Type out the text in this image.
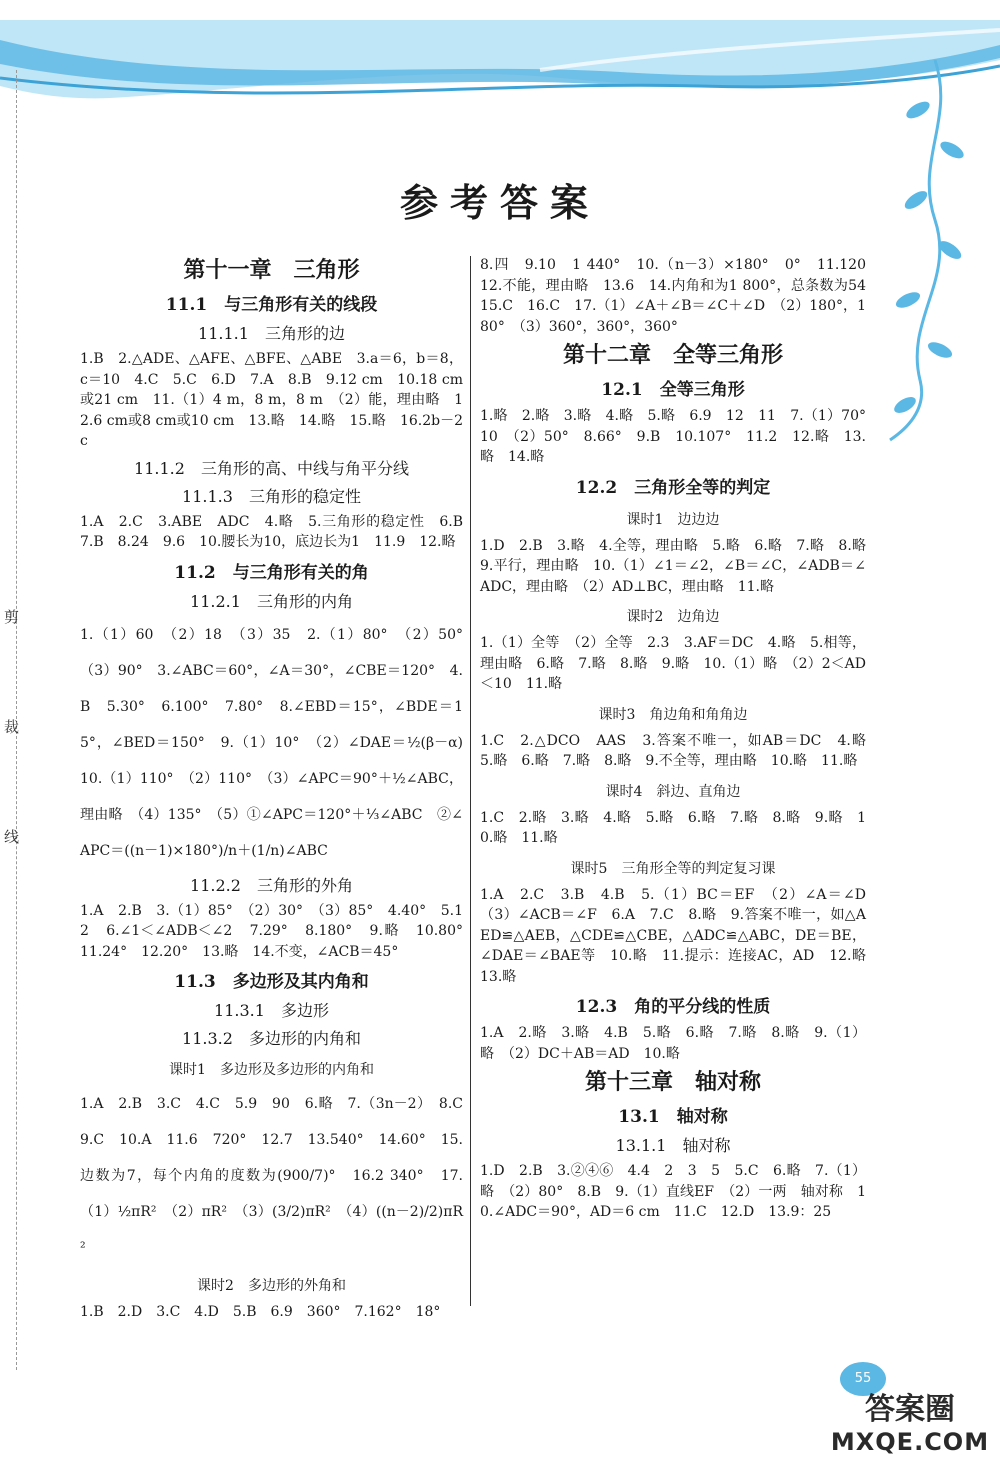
剪
裁
线
参考答案
第十一章　三角形
11.1　与三角形有关的线段
11.1.1　三角形的边

1.B　2.△ADE、△AFE、△BFE、△ABE　3.a＝6，b＝8，c＝10　4.C　5.C　6.D　7.A　8.B　9.12 cm　10.18 cm或21 cm　11.（1）4 m，8 m，8 m　（2）能，理由略　12.6 cm或8 cm或10 cm　13.略　14.略　15.略　16.2b－2c

11.1.2　三角形的高、中线与角平分线
11.1.3　三角形的稳定性

1.A　2.C　3.ABE　ADC　4.略　5.三角形的稳定性　6.B　7.B　8.24　9.6　10.腰长为10，底边长为1　11.9　12.略

11.2　与三角形有关的角
11.2.1　三角形的内角

1.（1）60　（2）18　（3）35　2.（1）80°　（2）50°　（3）90°　3.∠ABC＝60°，∠A＝30°，∠CBE＝120°　4.B　5.30°　6.100°　7.80°　8.∠EBD＝15°，∠BDE＝15°，∠BED＝150°　9.（1）10°　（2）∠DAE＝½(β－α)　10.（1）110°　（2）110°　（3）∠APC＝90°＋½∠ABC，理由略　（4）135°　（5）①∠APC＝120°＋⅓∠ABC　②∠APC＝((n－1)×180°)/n＋(1/n)∠ABC

11.2.2　三角形的外角

1.A　2.B　3.（1）85°　（2）30°　（3）85°　4.40°　5.1　2　6.∠1＜∠ADB＜∠2　7.29°　8.180°　9.略　10.80°　11.24°　12.20°　13.略　14.不变，∠ACB＝45°

11.3　多边形及其内角和
11.3.1　多边形
11.3.2　多边形的内角和
课时1　多边形及多边形的内角和

1.A　2.B　3.C　4.C　5.9　90　6.略　7.（3n－2）　8.C　9.C　10.A　11.6　720°　12.7　13.540°　14.60°　15.边数为7，每个内角的度数为(900/7)°　16.2 340°　17.（1）½πR²　（2）πR²　（3）(3/2)πR²　（4）((n－2)/2)πR²

课时2　多边形的外角和

1.B　2.D　3.C　4.D　5.B　6.9　360°　7.162°　18°

8.四　9.10　1 440°　10.（n－3）×180°　0°　11.120　12.不能，理由略　13.6　14.内角和为1 800°，总条数为54　15.C　16.C　17.（1）∠A＋∠B＝∠C＋∠D　（2）180°，180°　（3）360°，360°，360°

第十二章　全等三角形
12.1　全等三角形

1.略　2.略　3.略　4.略　5.略　6.9　12　11　7.（1）70°　10　（2）50°　8.66°　9.B　10.107°　11.2　12.略　13.略　14.略

12.2　三角形全等的判定
课时1　边边边

1.D　2.B　3.略　4.全等，理由略　5.略　6.略　7.略　8.略　9.平行，理由略　10.（1）∠1＝∠2，∠B＝∠C，∠ADB＝∠ADC，理由略　（2）AD⊥BC，理由略　11.略

课时2　边角边

1.（1）全等　（2）全等　2.3　3.AF＝DC　4.略　5.相等，理由略　6.略　7.略　8.略　9.略　10.（1）略　（2）2＜AD＜10　11.略

课时3　角边角和角角边

1.C　2.△DCO　AAS　3.答案不唯一，如AB＝DC　4.略　5.略　6.略　7.略　8.略　9.不全等，理由略　10.略　11.略

课时4　斜边、直角边

1.C　2.略　3.略　4.略　5.略　6.略　7.略　8.略　9.略　10.略　11.略

课时5　三角形全等的判定复习课

1.A　2.C　3.B　4.B　5.（1）BC＝EF　（2）∠A＝∠D　（3）∠ACB＝∠F　6.A　7.C　8.略　9.答案不唯一，如△AED≌△AEB，△CDE≌△CBE，△ADC≌△ABC，DE＝BE，∠DAE＝∠BAE等　10.略　11.提示：连接AC，AD　12.略　13.略

12.3　角的平分线的性质

1.A　2.略　3.略　4.B　5.略　6.略　7.略　8.略　9.（1）略　（2）DC＋AB＝AD　10.略

第十三章　轴对称
13.1　轴对称
13.1.1　轴对称

1.D　2.B　3.②④⑥　4.4　2　3　5　5.C　6.略　7.（1）略　（2）80°　8.B　9.（1）直线EF　（2）一两　轴对称　10.∠ADC＝90°，AD＝6 cm　11.C　12.D　13.9：25

55
答案圈
MXQE.COM
